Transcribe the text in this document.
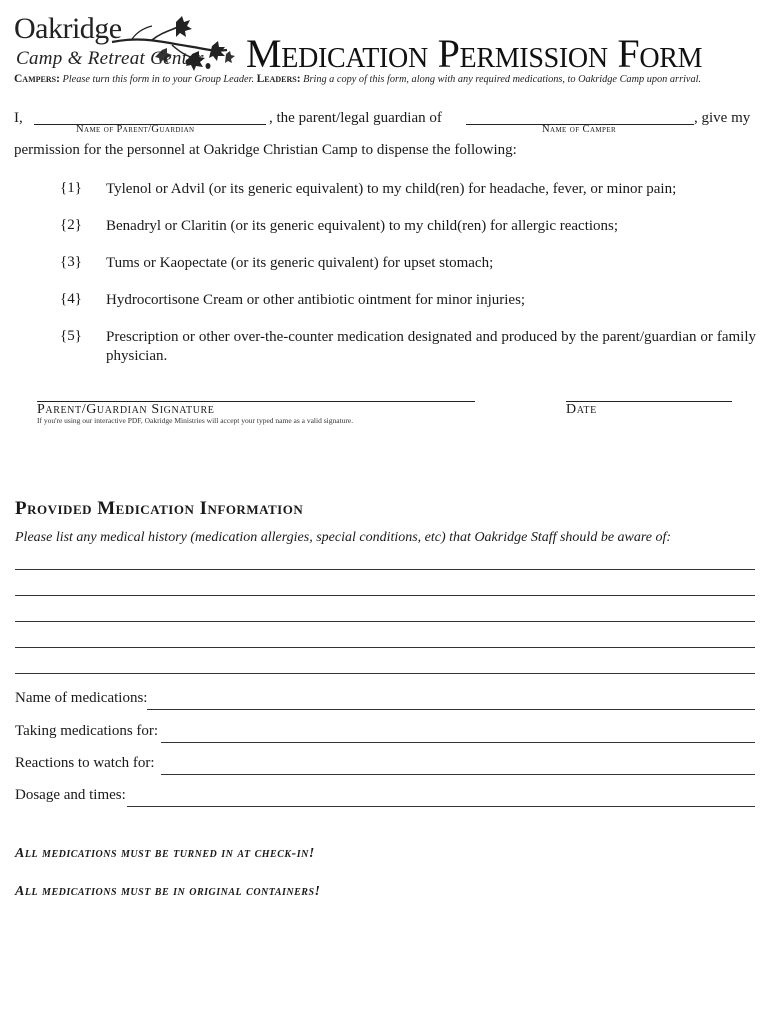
Oakridge
Camp & Retreat Center Medication Permission Form
Campers: Please turn this form in to your Group Leader. Leaders: Bring a copy of this form, along with any required medications, to Oakridge Camp upon arrival.
I,	, the parent/legal guardian of	, give my
Name of Parent/Guardian	Name of Camper
permission for the personnel at Oakridge Christian Camp to dispense the following:
{1} Tylenol or Advil (or its generic equivalent) to my child(ren) for headache, fever, or minor pain;
{2} Benadryl or Claritin (or its generic equivalent) to my child(ren) for allergic reactions;
{3} Tums or Kaopectate (or its generic quivalent) for upset stomach;
{4} Hydrocortisone Cream or other antibiotic ointment for minor injuries;
{5} Prescription or other over-the-counter medication designated and produced by the parent/guardian or family physician.
Parent/Guardian Signature	Date
If you're using our interactive PDF, Oakridge Ministries will accept your typed name as a valid signature.
Provided Medication Information
Please list any medical history (medication allergies, special conditions, etc) that Oakridge Staff should be aware of:
Name of medications:
Taking medications for:
Reactions to watch for:
Dosage and times:
All medications must be turned in at check-in!
All medications must be in original containers!
